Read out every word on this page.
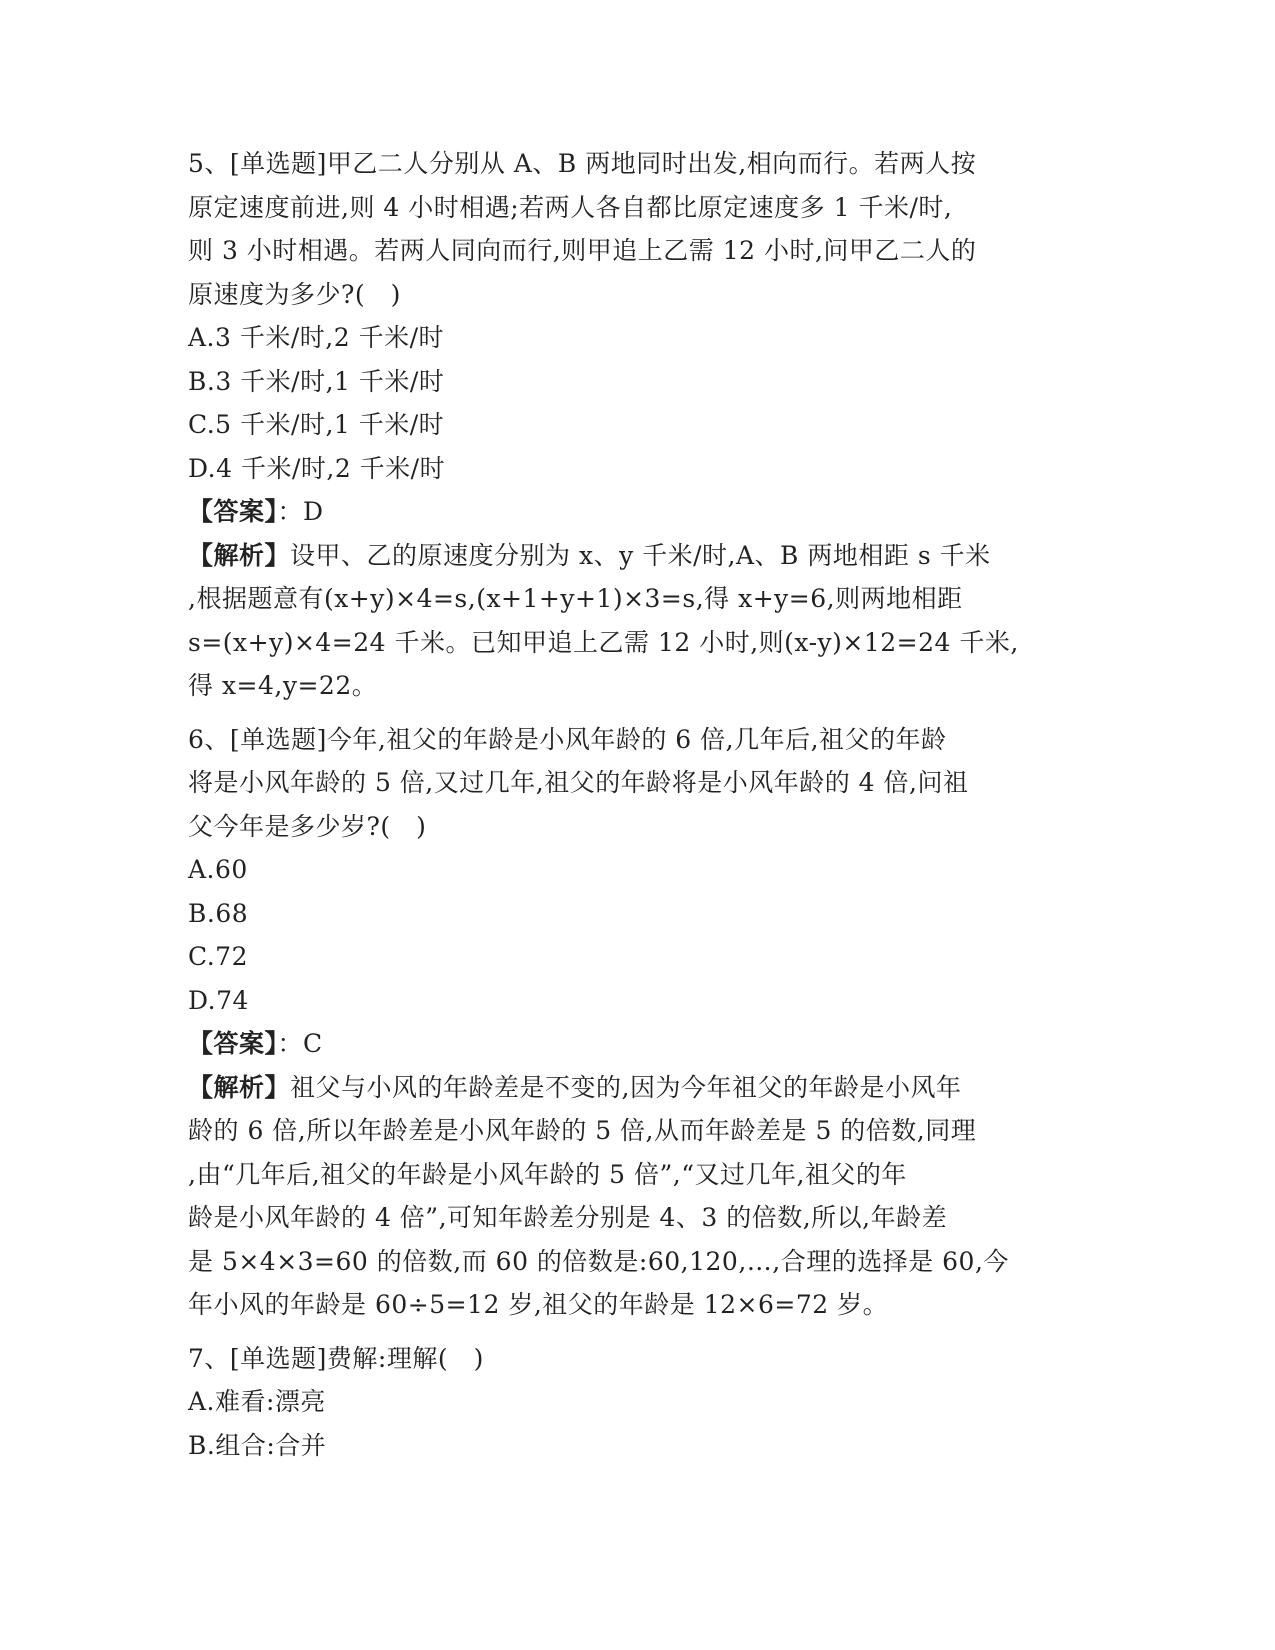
5、[单选题]甲乙二人分别从 A、B 两地同时出发,相向而行。若两人按
原定速度前进,则 4 小时相遇;若两人各自都比原定速度多 1 千米/时,
则 3 小时相遇。若两人同向而行,则甲追上乙需 12 小时,问甲乙二人的
原速度为多少?(　)
A.3 千米/时,2 千米/时
B.3 千米/时,1 千米/时
C.5 千米/时,1 千米/时
D.4 千米/时,2 千米/时
【答案】：D
【解析】设甲、乙的原速度分别为 x、y 千米/时,A、B 两地相距 s 千米
,根据题意有(x+y)×4=s,(x+1+y+1)×3=s,得 x+y=6,则两地相距
s=(x+y)×4=24 千米。已知甲追上乙需 12 小时,则(x-y)×12=24 千米,
得 x=4,y=22。
6、[单选题]今年,祖父的年龄是小风年龄的 6 倍,几年后,祖父的年龄
将是小风年龄的 5 倍,又过几年,祖父的年龄将是小风年龄的 4 倍,问祖
父今年是多少岁?(　)
A.60
B.68
C.72
D.74
【答案】：C
【解析】祖父与小风的年龄差是不变的,因为今年祖父的年龄是小风年
龄的 6 倍,所以年龄差是小风年龄的 5 倍,从而年龄差是 5 的倍数,同理
,由“几年后,祖父的年龄是小风年龄的 5 倍”,“又过几年,祖父的年
龄是小风年龄的 4 倍”,可知年龄差分别是 4、3 的倍数,所以,年龄差
是 5×4×3=60 的倍数,而 60 的倍数是:60,120,…,合理的选择是 60,今
年小风的年龄是 60÷5=12 岁,祖父的年龄是 12×6=72 岁。
7、[单选题]费解:理解(　)
A.难看:漂亮
B.组合:合并
